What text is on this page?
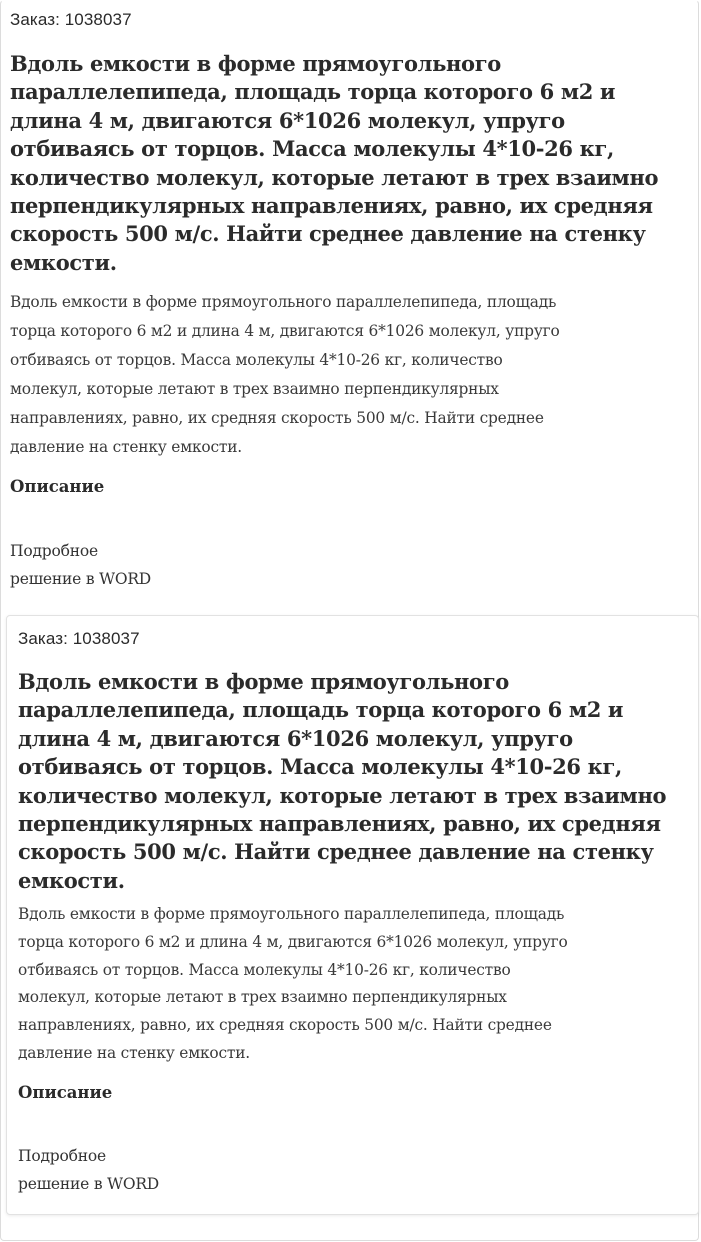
Заказ: 1038037
Вдоль емкости в форме прямоугольного
параллелепипеда, площадь торца которого 6 м2 и
длина 4 м, двигаются 6*1026 молекул, упруго
отбиваясь от торцов. Масса молекулы 4*10-26 кг,
количество молекул, которые летают в трех взаимно
перпендикулярных направлениях, равно, их средняя
скорость 500 м/с. Найти среднее давление на стенку
емкости.

Вдоль емкости в форме прямоугольного параллелепипеда, площадь
торца которого 6 м2 и длина 4 м, двигаются 6*1026 молекул, упруго
отбиваясь от торцов. Масса молекулы 4*10-26 кг, количество
молекул, которые летают в трех взаимно перпендикулярных
направлениях, равно, их средняя скорость 500 м/с. Найти среднее
давление на стенку емкости.

Описание
Подробное
решение в WORD
Заказ: 1038037
Вдоль емкости в форме прямоугольного
параллелепипеда, площадь торца которого 6 м2 и
длина 4 м, двигаются 6*1026 молекул, упруго
отбиваясь от торцов. Масса молекулы 4*10-26 кг,
количество молекул, которые летают в трех взаимно
перпендикулярных направлениях, равно, их средняя
скорость 500 м/с. Найти среднее давление на стенку
емкости.

Вдоль емкости в форме прямоугольного параллелепипеда, площадь
торца которого 6 м2 и длина 4 м, двигаются 6*1026 молекул, упруго
отбиваясь от торцов. Масса молекулы 4*10-26 кг, количество
молекул, которые летают в трех взаимно перпендикулярных
направлениях, равно, их средняя скорость 500 м/с. Найти среднее
давление на стенку емкости.

Описание
Подробное
решение в WORD
